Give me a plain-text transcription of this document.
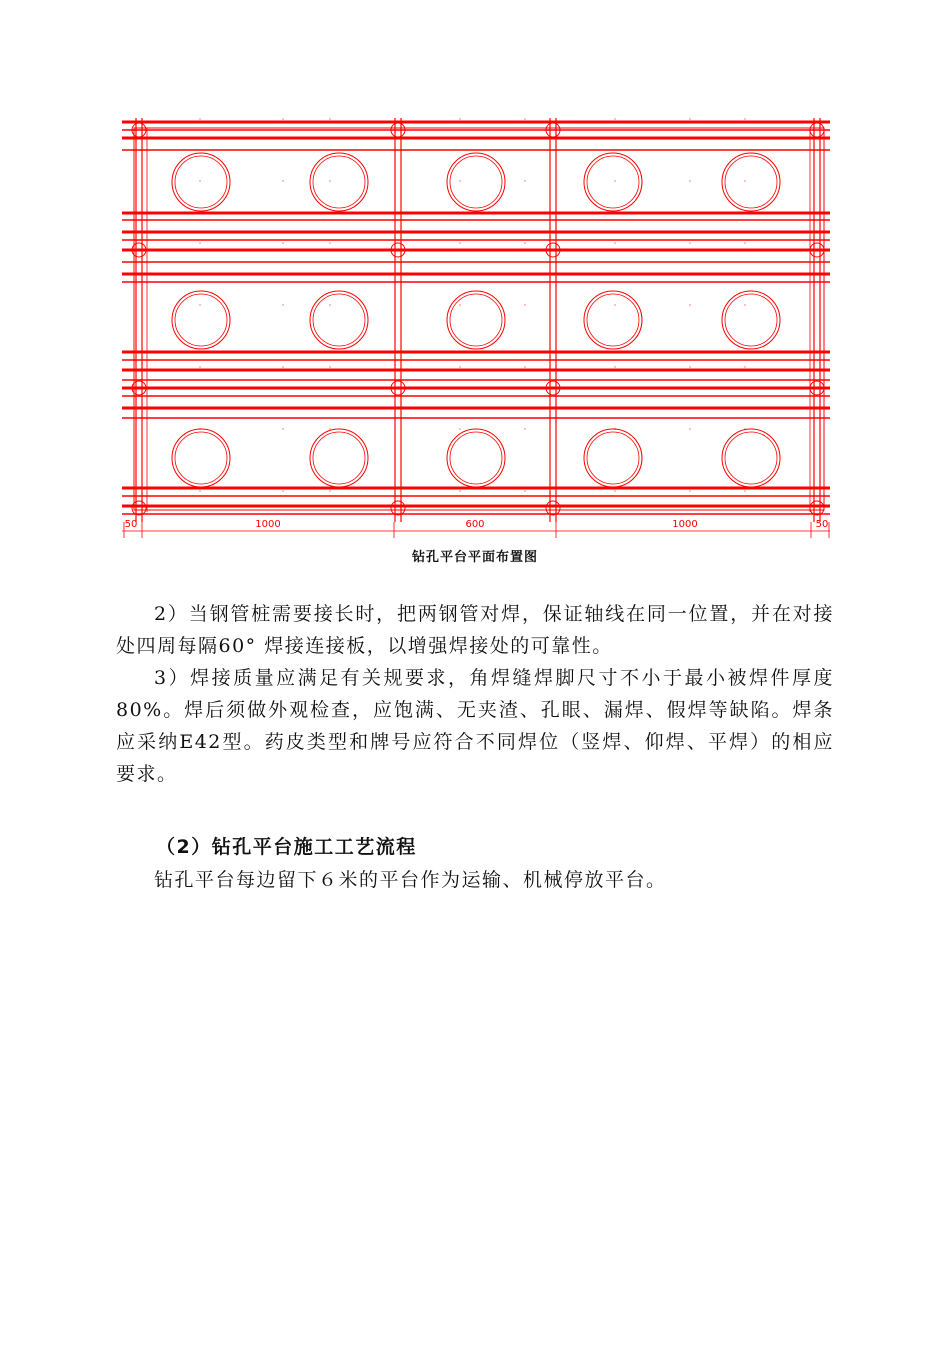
50	1000	600	1000	50
钻孔平台平面布置图

2）当钢管桩需要接长时，把两钢管对焊，保证轴线在同一位置，并在对接处四周每隔60° 焊接连接板，以增强焊接处的可靠性。

3）焊接质量应满足有关规要求，角焊缝焊脚尺寸不小于最小被焊件厚度80%。焊后须做外观检查，应饱满、无夹渣、孔眼、漏焊、假焊等缺陷。焊条应采纳E42型。药皮类型和牌号应符合不同焊位（竖焊、仰焊、平焊）的相应要求。

（2）钻孔平台施工工艺流程

钻孔平台每边留下６米的平台作为运输、机械停放平台。
